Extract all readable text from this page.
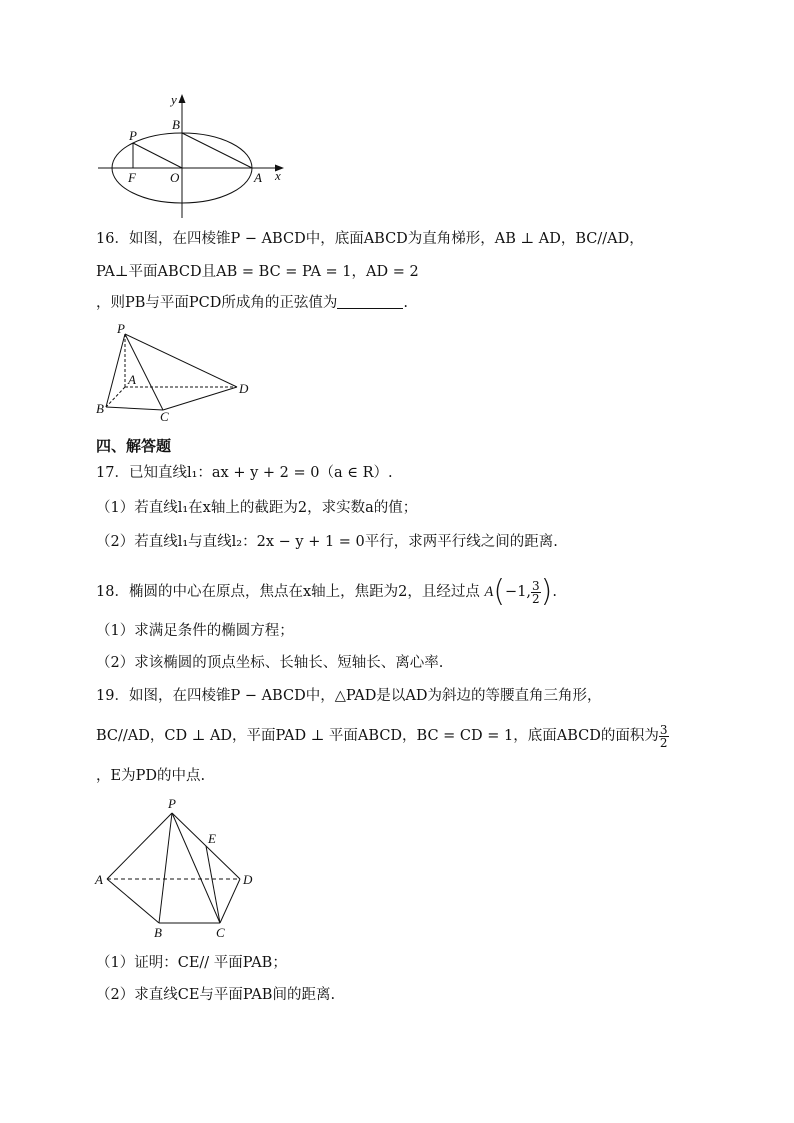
y
x
B
P
F	O	A
16．如图，在四棱锥P − ABCD中，底面ABCD为直角梯形，AB ⊥ AD，BC//AD，
PA⊥平面ABCD且AB = BC = PA = 1，AD = 2
，则PB与平面PCD所成角的正弦值为	.
P
A
B
C
D
四、解答题
17．已知直线l₁：ax + y + 2 = 0（a ∈ R）.
（1）若直线l₁在x轴上的截距为2，求实数a的值；
（2）若直线l₁与直线l₂：2x − y + 1 = 0平行，求两平行线之间的距离.
18．椭圆的中心在原点，焦点在x轴上，焦距为2，且经过点 A(−1, $\frac{3}{2}$ ).
（1）求满足条件的椭圆方程；
（2）求该椭圆的顶点坐标、长轴长、短轴长、离心率.
19．如图，在四棱锥P − ABCD中，△PAD是以AD为斜边的等腰直角三角形，
BC//AD，CD ⊥ AD，平面PAD ⊥ 平面ABCD，BC = CD = 1，底面ABCD的面积为 $\frac{3}{2}$
，E为PD的中点.
P
E
A	D
B	C
（1）证明：CE// 平面PAB；
（2）求直线CE与平面PAB间的距离.
